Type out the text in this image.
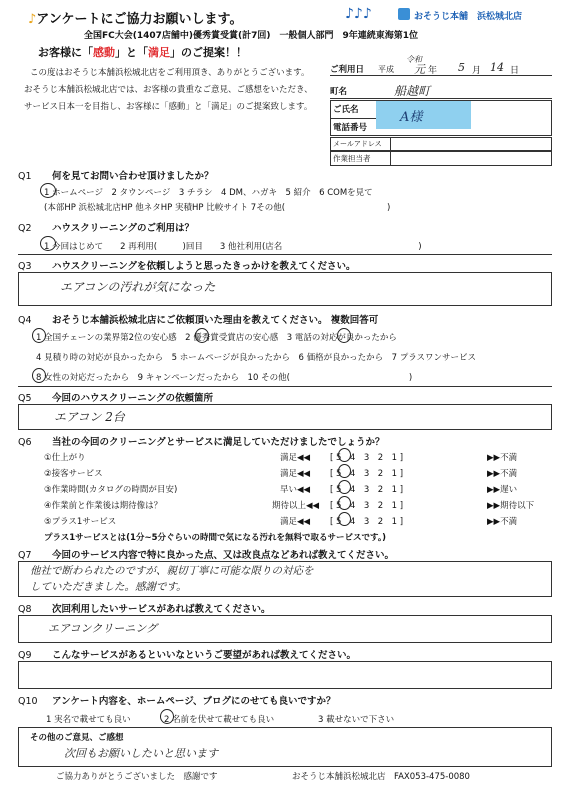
♪アンケートにご協力お願いします。	♪♪♪	おそうじ本舗　 浜松城北店
全国FC大会(1407店舗中)優秀賞受賞(計7回)　一般個人部門　9年連続東海第1位
お客様に「感動」と「満足」のご提案！！
この度はおそうじ本舗浜松城北店をご利用頂き、ありがとうございます。
おそうじ本舗浜松城北店では、お客様の貴重なご意見、ご感想をいただき、
サービス日本一を目指し、お客様に「感動」と「満足」のご提案致します。
ご利用日 平成
令和
元 年 5 月 14 日
町名	船越町
ご氏名	A様
電話番号
メールアドレス
作業担当者
Q1 何を見てお問い合わせ頂けましたか？
1 ホームページ　2 タウンページ　3 チラシ　4 DM、ハガキ　5 紹介　6 COMを見て
(本部HP 浜松城北店HP 他ネタHP 実積HP 比較サイト 7その他(　　　　　　　　　　　　)
Q2 ハウスクリーニングのご利用は？
1 今回はじめて　　2 再利用(　　　)回目　　3 他社利用(店名　　　　　　　　　　　　　　　　)
Q3 ハウスクリーニングを依頼しようと思ったきっかけを教えてください。
エアコンの汚れが気になった
Q4 おそうじ本舗浜松城北店にご依頼頂いた理由を教えてください。 複数回答可
1 全国チェーンの業界第2位の安心感　2 優秀賞受賞店の安心感　3 電話の対応が良かったから
4 見積り時の対応が良かったから　5 ホームページが良かったから　6 価格が良かったから　7 プラスワンサービス
8 女性の対応だったから　9 キャンペーンだったから　10 その他(　　　　　　　　　　　　　　)
Q5 今回のハウスクリーニングの依頼箇所
エアコン 2台
Q6 当社の今回のクリーニングとサービスに満足していただけましたでしょうか？
①仕上がり	満足◀◀ [ 5　4　3　2　1 ]	▶▶不満
②接客サービス	満足◀◀ [ 5　4　3　2　1 ]	▶▶不満
③作業時間(カタログの時間が目安)	早い◀◀ [ 5　4　3　2　1 ]	▶▶遅い
④作業前と作業後は期待像は？	期待以上◀◀ [ 5　4　3　2　1 ]	▶▶期待以下
⑤プラス1サービス	満足◀◀ [ 5　4　3　2　1 ]	▶▶不満
プラス1サービスとは(1分~5分ぐらいの時間で気になる汚れを無料で取るサービスです。)
Q7 今回のサービス内容で特に良かった点、又は改良点などあれば教えてください。
他社で断わられたのですが、親切丁寧に可能な限りの対応を
していただきました。感謝です。
Q8 次回利用したいサービスがあれば教えてください。
エアコンクリーニング
Q9 こんなサービスがあるといいなというご要望があれば教えてください。
Q10 アンケート内容を、ホームページ、ブログにのせても良いですか？
1 実名で載せても良い	2 名前を伏せて載せても良い	3 載せないで下さい
その他のご意見、ご感想
次回もお願いしたいと思います
ご協力ありがとうございました　感謝です	おそうじ本舗浜松城北店　FAX053-475-0080
